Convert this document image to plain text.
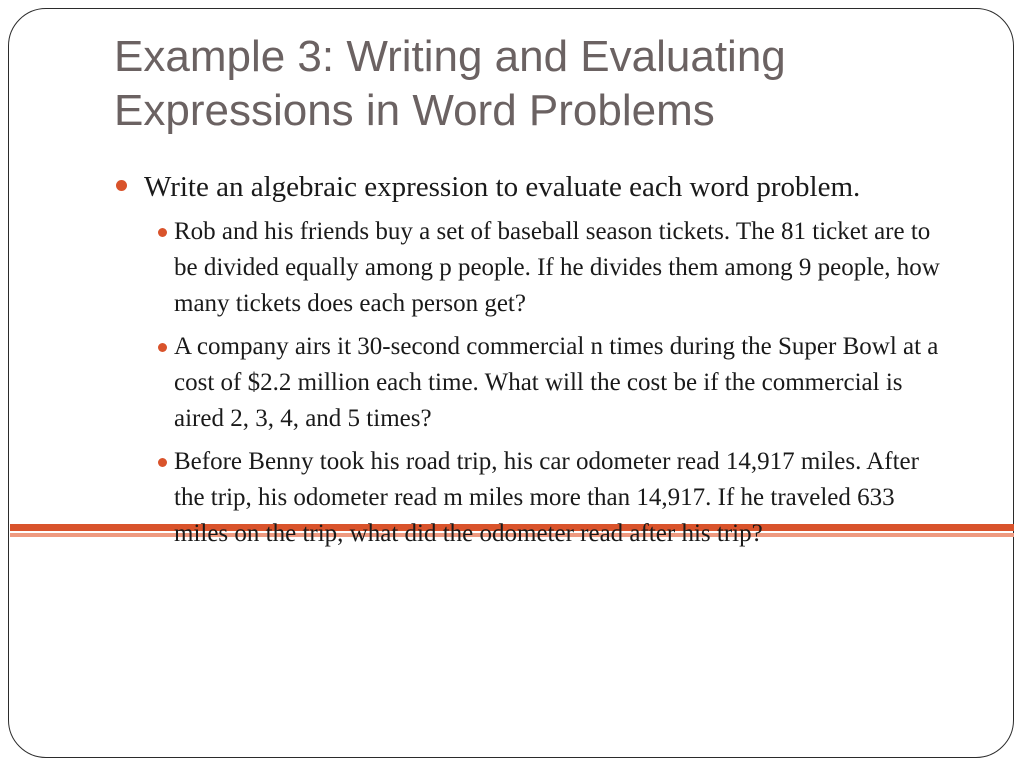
Example 3: Writing and Evaluating Expressions in Word Problems
Write an algebraic expression to evaluate each word problem.
Rob and his friends buy a set of baseball season tickets. The 81 ticket are to be divided equally among p people. If he divides them among 9 people, how many tickets does each person get?
A company airs it 30-second commercial n times during the Super Bowl at a cost of $2.2 million each time. What will the cost be if the commercial is aired 2, 3, 4, and 5 times?
Before Benny took his road trip, his car odometer read 14,917 miles. After the trip, his odometer read m miles more than 14,917. If he traveled 633 miles on the trip, what did the odometer read after his trip?
